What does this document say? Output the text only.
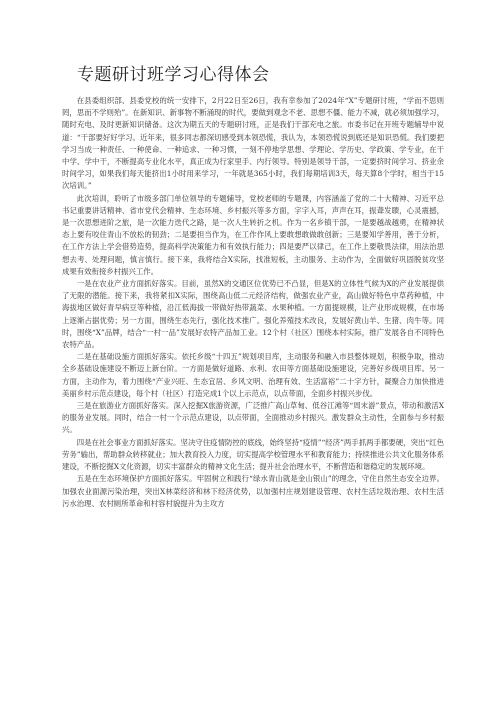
专题研讨班学习心得体会

在县委组织部、县委党校的统一安排下，2月22日至26日，我有幸参加了2024年“X”专题研讨班，“学而不思则罔，思而不学则殆”。在新知识、新事物不断涌现的时代，要做到观念不老、思想不僵、能力不减，就必须加强学习，随时充电、及时更新知识储备。这次为期五天的专题研讨班，正是我们干部充电之旅。市委书记在开班专题辅导中说道：“干部要好好学习。近年来，很多同志都深切感受到本领恐慌，我认为，本领恐慌说到底还是知识恐慌。我们要把学习当成一种责任、一种使命、一种追求、一种习惯，一刻不停地学思想、学理论、学历史、学政策、学专业，在干中学、学中干，不断提高专业化水平，真正成为行家里手、内行领导。特别是领导干部，一定要挤时间学习、挤业余时间学习，如果我们每天能挤出1小时用来学习，一年就是365小时，我们每期培训3天，每天算8个学时，相当于15次培训。”

此次培训，聆听了市级多部门单位领导的专题辅导，党校老师的专题课，内容涵盖了党的二十大精神、习近平总书记重要讲话精神、省市党代会精神、生态环境、乡村振兴等多方面，字字入耳，声声在耳，振聋发聩，心灵震撼，是一次思想进阶之旅，是一次能力迭代之路，是一次人生转折之机。作为一名乡镇干部，一是要越战越勇，在精神状态上要有咬住青山不放松的韧劲；二是要担当作为，在工作作风上要敢想敢做敢创新；三是要知学善用，善于分析，在工作方法上学会借势造势，提高科学决策能力和有效执行能力；四是要严以律己，在工作上要敬畏法律，用法治思想去考、处理问题，慎言慎行。接下来，我将结合X实际，找准短板，主动服务、主动作为，全面做好巩固脱贫攻坚成果有效衔接乡村振兴工作。

一是在农业产业方面抓好落实。目前，虽然X的交通区位优势已不凸显，但是X的立体性气候为X的产业发展提供了无限的潜能。接下来，我将紧扣X实际，围绕高山低二元经济结构，做强农业产业，高山做好特色中草药种植，中海拔地区做好青早病豆等种植，沿江低海拔一带做好热带蔬菜、水果种植。一方面提规模，让产业形成规模，在市场上逐渐占据优势；另一方面，围绕生态先行，强化技术推广。强化养殖技术改良，发展好黄山羊、生猪、肉牛等。同时，围绕“X”品牌，结合“一村一品”发展好农特产品加工业。12个村（社区）围绕本村实际，推广发展各自不同特色农特产品。

二是在基础设施方面抓好落实。依托乡级“十四五”规划项目库，主动服务和融入市县整体规划，积极争取，推动全乡基础设施建设不断迈上新台阶。一方面是做好道路、水利、农田等方面基础设施建设，完善好乡级项目库。另一方面，主动作为，着力围绕“产业兴旺、生态宜居、乡风文明、治理有效、生活富裕”二十字方针，凝聚合力加快推进美丽乡村示范点建设，每个村（社区）打造完成1个以上示范点，以点带面，全面乡村振兴步伐。

三是在旅游业方面抓好落实。深入挖掘X旅游资源，广泛推广高山草甸、低谷江滩等“周末游”景点，带动和激活X的服务业发展。同时，结合一村一个示范点建设，以点带面，全面推动乡村振兴。激发群众主动性，全面参与乡村振兴。

四是在社会事业方面抓好落实。坚决守住疫情防控的底线，始终坚持“疫情”“经济”两手抓两手都要硬，突出“红色劳务”输出，帮助群众转移就业；加大教育投入力度，切实提高学校管理水平和教育能力；持续推进公共文化服务体系建设，不断挖掘X文化资源，切实丰富群众的精神文化生活；提升社会治理水平，不断营造和谐稳定的发展环境。

五是在生态环境保护方面抓好落实。牢固树立和践行“绿水青山就是金山银山”的理念，守住自然生态安全边界。加强农业面源污染治理，突出X林菜经济和林下经济优势，以加强村庄规划建设管理、农村生活垃圾治理、农村生活污水治理、农村厕所革命和村容村貌提升为主攻方
